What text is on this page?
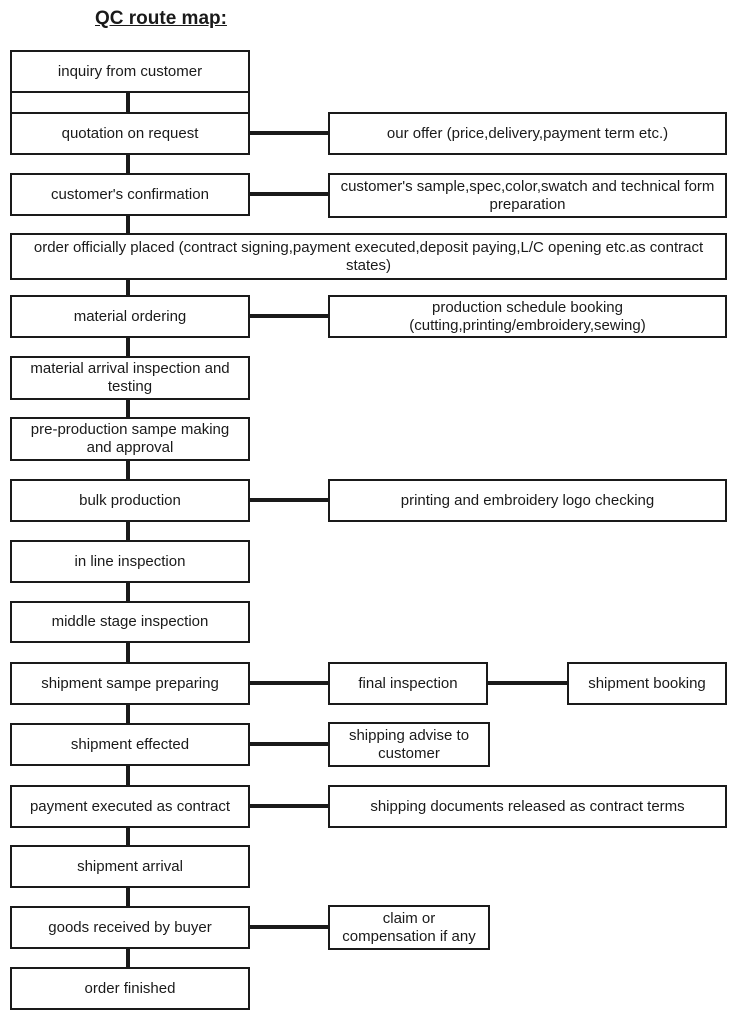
QC route map:
inquiry from customer
quotation on request
customer's confirmation
order officially placed (contract signing,payment executed,deposit paying,L/C opening etc.as contract states)
material ordering
material arrival inspection and testing
pre-production sampe making and approval
bulk production
in line inspection
middle stage inspection
shipment sampe preparing
shipment effected
payment executed as contract
shipment arrival
goods received by buyer
order finished
our offer (price,delivery,payment term etc.)
customer's sample,spec,color,swatch and technical form preparation
production schedule booking (cutting,printing/embroidery,sewing)
printing and embroidery logo checking
final inspection	shipment booking
shipping advise to customer
shipping documents released as contract terms
claim or compensation if any
